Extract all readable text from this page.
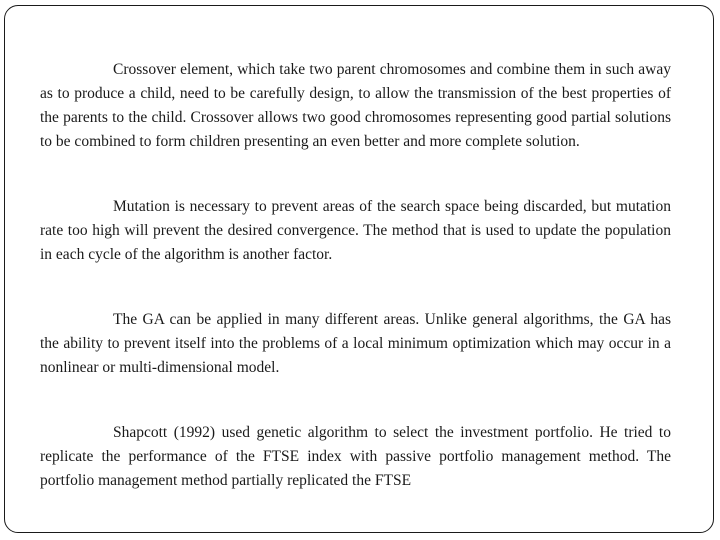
Crossover element, which take two parent chromosomes and combine them in such away as to produce a child, need to be carefully design, to allow the transmission of the best properties of the parents to the child. Crossover allows two good chromosomes representing good partial solutions to be combined to form children presenting an even better and more complete solution.

Mutation is necessary to prevent areas of the search space being discarded, but mutation rate too high will prevent the desired convergence. The method that is used to update the population in each cycle of the algorithm is another factor.

The GA can be applied in many different areas. Unlike general algorithms, the GA has the ability to prevent itself into the problems of a local minimum optimization which may occur in a nonlinear or multi-dimensional model.

Shapcott (1992) used genetic algorithm to select the investment portfolio. He tried to replicate the performance of the FTSE index with passive portfolio management method. The portfolio management method partially replicated the FTSE
